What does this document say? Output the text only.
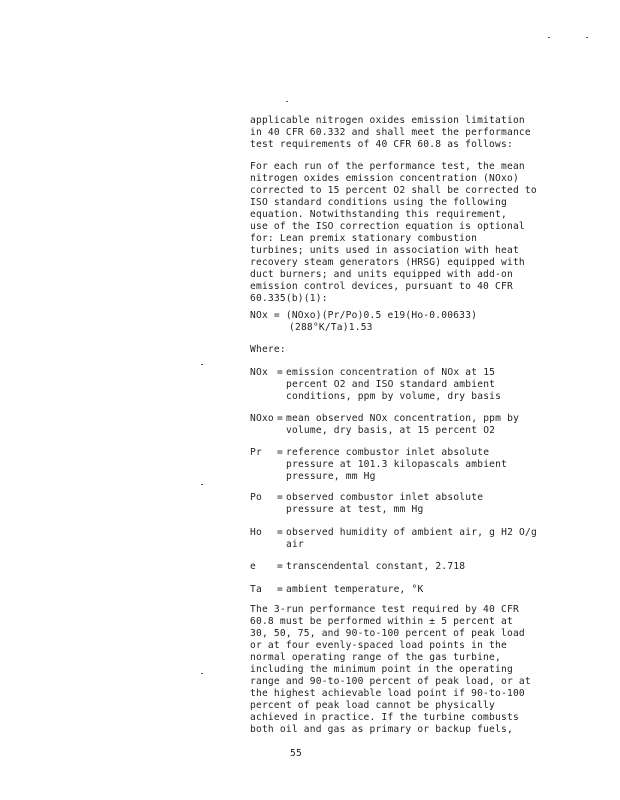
applicable nitrogen oxides emission limitation
in 40 CFR 60.332 and shall meet the performance
test requirements of 40 CFR 60.8 as follows:

For each run of the performance test, the mean
nitrogen oxides emission concentration (NOxo)
corrected to 15 percent O2 shall be corrected to
ISO standard conditions using the following
equation. Notwithstanding this requirement,
use of the ISO correction equation is optional
for: Lean premix stationary combustion
turbines; units used in association with heat
recovery steam generators (HRSG) equipped with
duct burners; and units equipped with add-on
emission control devices, pursuant to 40 CFR
60.335(b)(1):

NOx = (NOxo)(Pr/Po)0.5 e19(Ho-0.00633)
(288°K/Ta)1.53
Where:
NOx = emission concentration of NOx at 15
percent O2 and ISO standard ambient
conditions, ppm by volume, dry basis
NOxo = mean observed NOx concentration, ppm by
volume, dry basis, at 15 percent O2
Pr = reference combustor inlet absolute
pressure at 101.3 kilopascals ambient
pressure, mm Hg
Po = observed combustor inlet absolute
pressure at test, mm Hg
Ho = observed humidity of ambient air, g H2 O/g
air
e = transcendental constant, 2.718
Ta = ambient temperature, °K

The 3-run performance test required by 40 CFR
60.8 must be performed within ± 5 percent at
30, 50, 75, and 90-to-100 percent of peak load
or at four evenly-spaced load points in the
normal operating range of the gas turbine,
including the minimum point in the operating
range and 90-to-100 percent of peak load, or at
the highest achievable load point if 90-to-100
percent of peak load cannot be physically
achieved in practice. If the turbine combusts
both oil and gas as primary or backup fuels,

55
